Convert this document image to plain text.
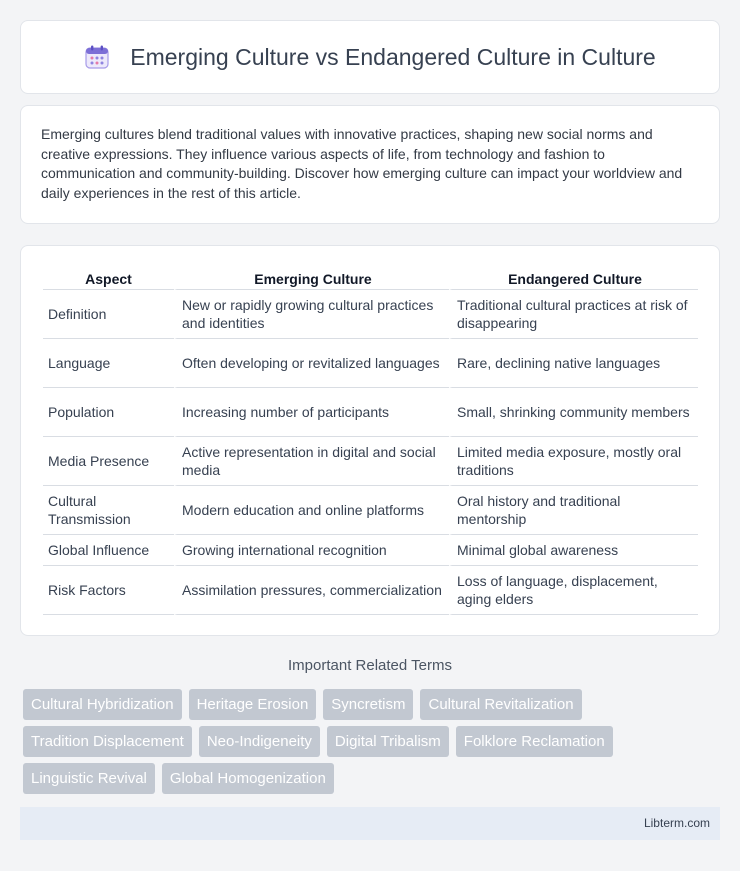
Emerging Culture vs Endangered Culture in Culture

Emerging cultures blend traditional values with innovative practices, shaping new social norms and creative expressions. They influence various aspects of life, from technology and fashion to communication and community-building. Discover how emerging culture can impact your worldview and daily experiences in the rest of this article.

Aspect	Emerging Culture	Endangered Culture
Definition	New or rapidly growing cultural practices and identities	Traditional cultural practices at risk of disappearing
Language	Often developing or revitalized languages	Rare, declining native languages
Population	Increasing number of participants	Small, shrinking community members
Media Presence	Active representation in digital and social media	Limited media exposure, mostly oral traditions
Cultural Transmission	Modern education and online platforms	Oral history and traditional mentorship
Global Influence	Growing international recognition	Minimal global awareness
Risk Factors	Assimilation pressures, commercialization	Loss of language, displacement, aging elders
Important Related Terms
Cultural Hybridization	Heritage Erosion	Syncretism	Cultural Revitalization
Tradition Displacement	Neo-Indigeneity	Digital Tribalism	Folklore Reclamation
Linguistic Revival	Global Homogenization
Libterm.com
